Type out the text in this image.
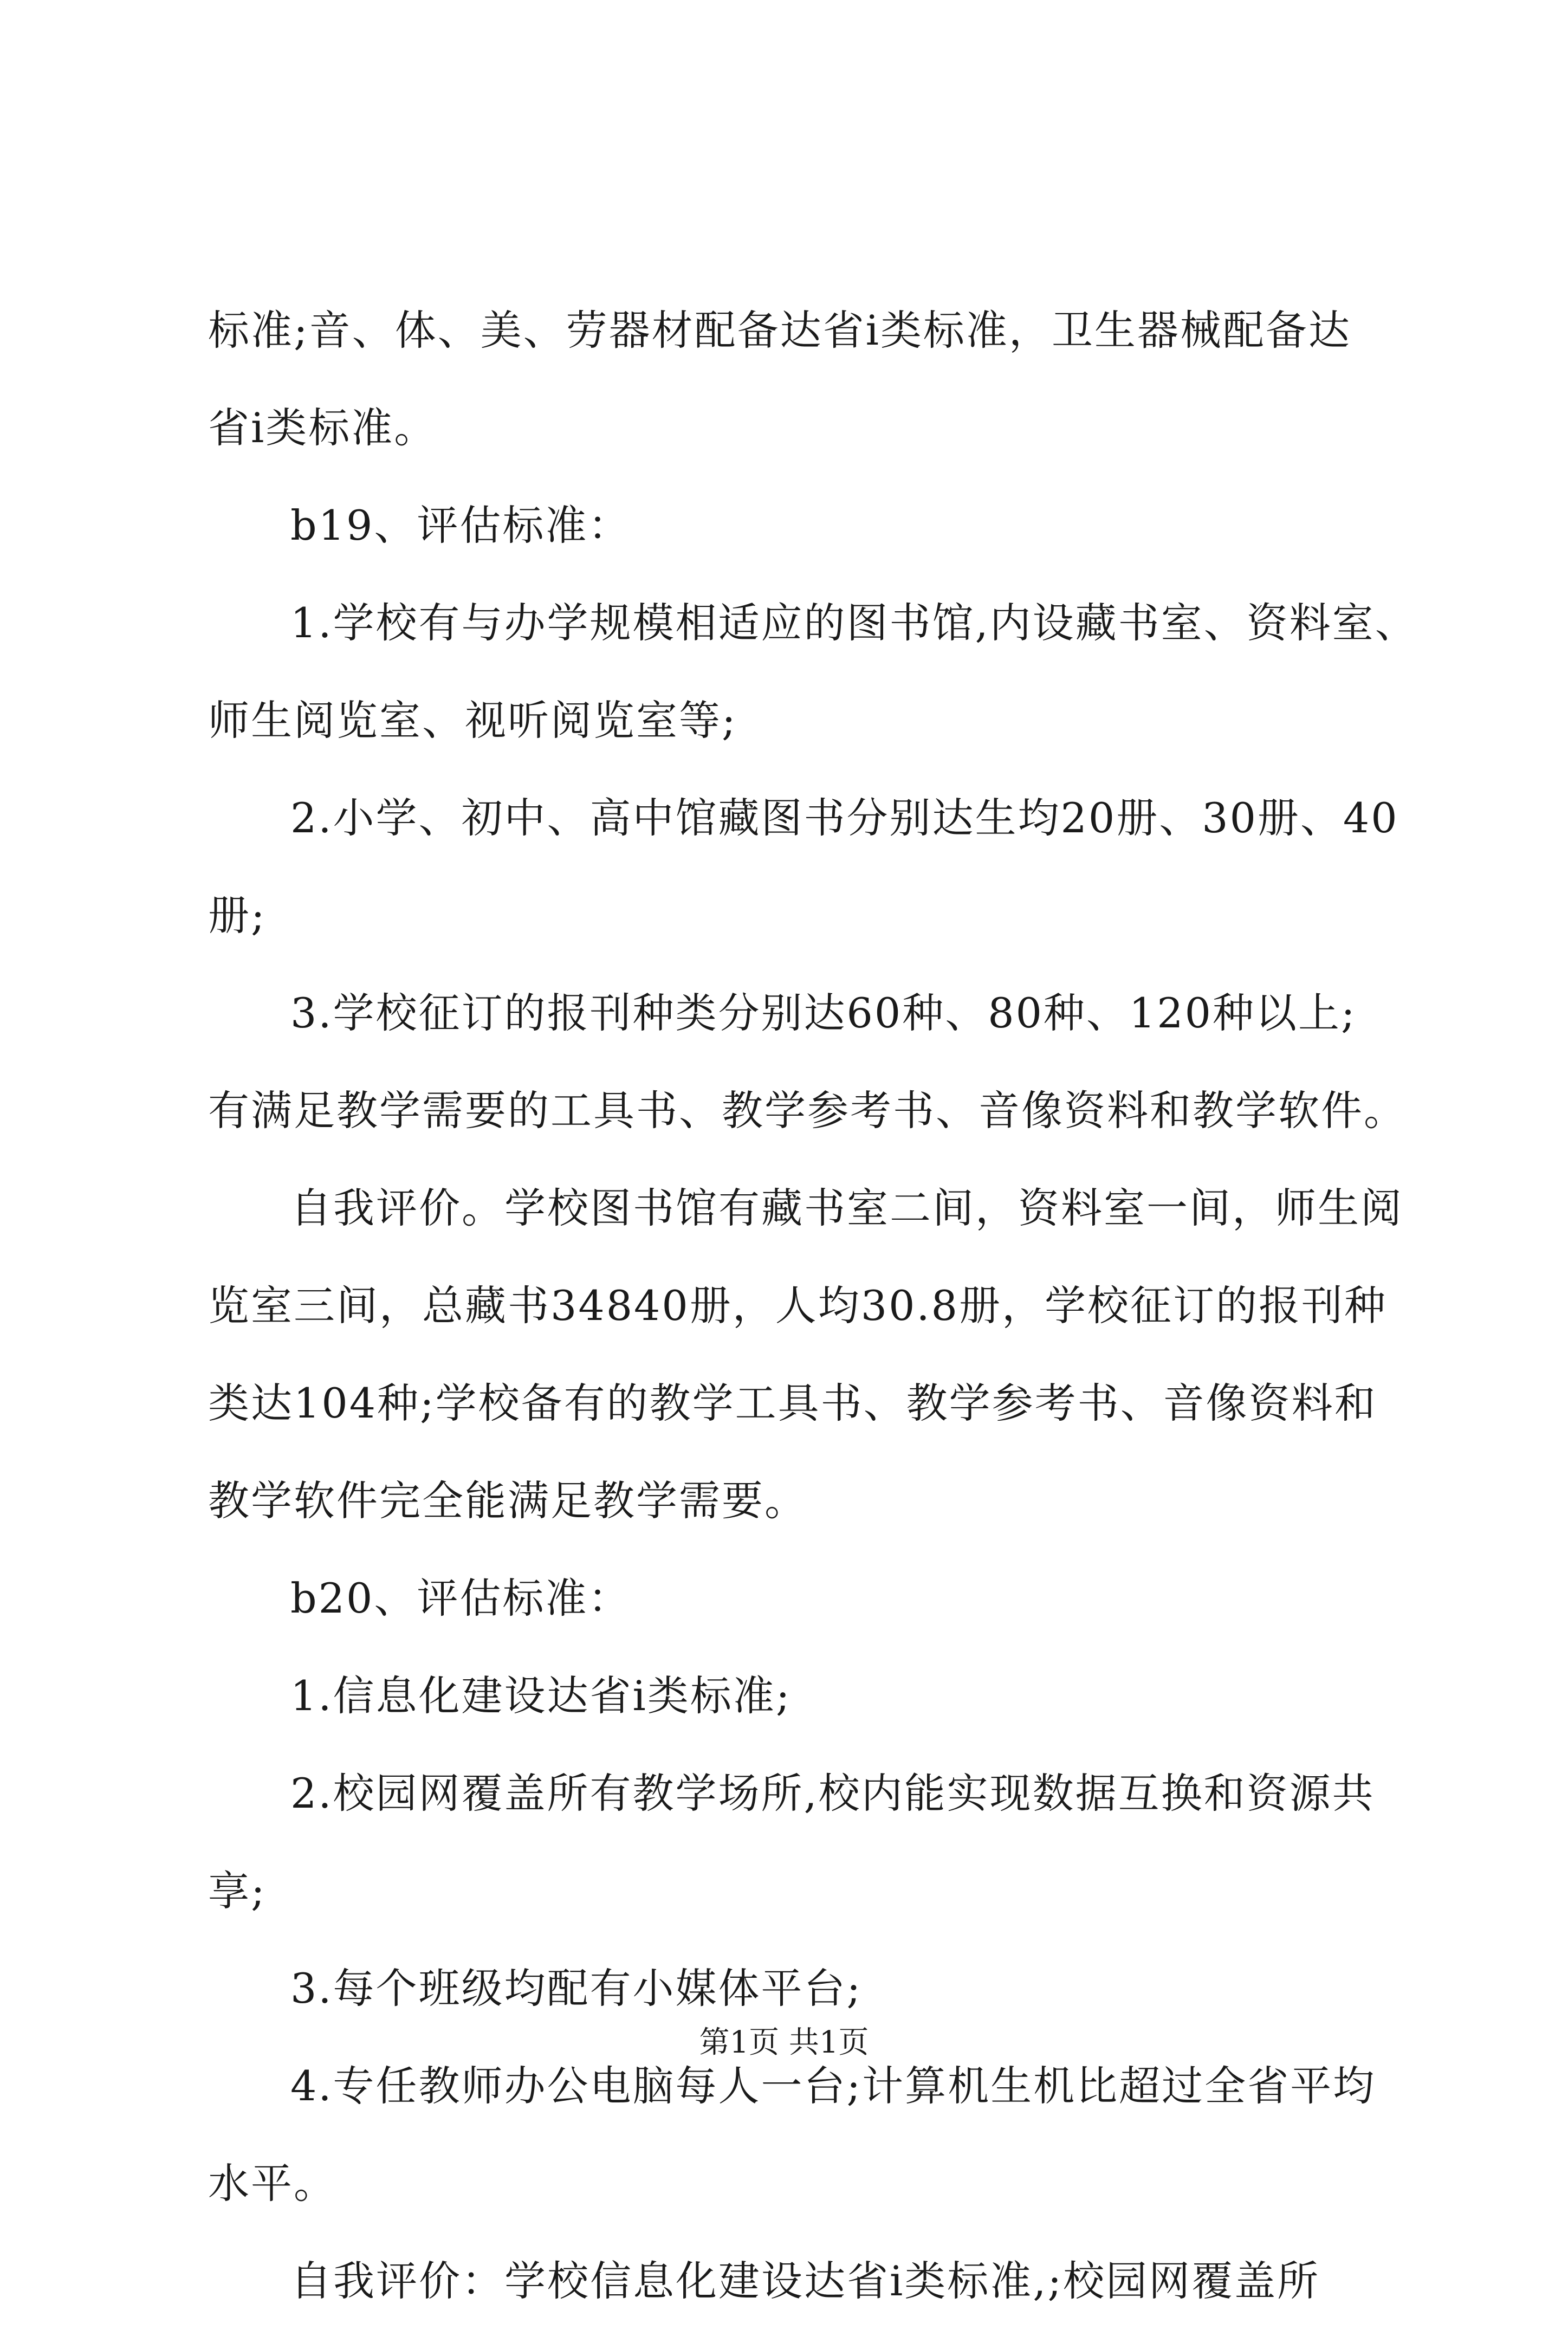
标准;音、体、美、劳器材配备达省ⅰ类标准，卫生器械配备达
省ⅰ类标准。
b19、评估标准：
1.学校有与办学规模相适应的图书馆,内设藏书室、资料室、
师生阅览室、视听阅览室等;
2.小学、初中、高中馆藏图书分别达生均20册、30册、40
册;
3.学校征订的报刊种类分别达60种、80种、120种以上;
有满足教学需要的工具书、教学参考书、音像资料和教学软件。
自我评价。学校图书馆有藏书室二间，资料室一间，师生阅
览室三间，总藏书34840册，人均30.8册，学校征订的报刊种
类达104种;学校备有的教学工具书、教学参考书、音像资料和
教学软件完全能满足教学需要。
b20、评估标准：
1.信息化建设达省ⅰ类标准;
2.校园网覆盖所有教学场所,校内能实现数据互换和资源共
享;
3.每个班级均配有小媒体平台;
4.专任教师办公电脑每人一台;计算机生机比超过全省平均
水平。
自我评价：学校信息化建设达省ⅰ类标准,;校园网覆盖所
第1页 共1页
